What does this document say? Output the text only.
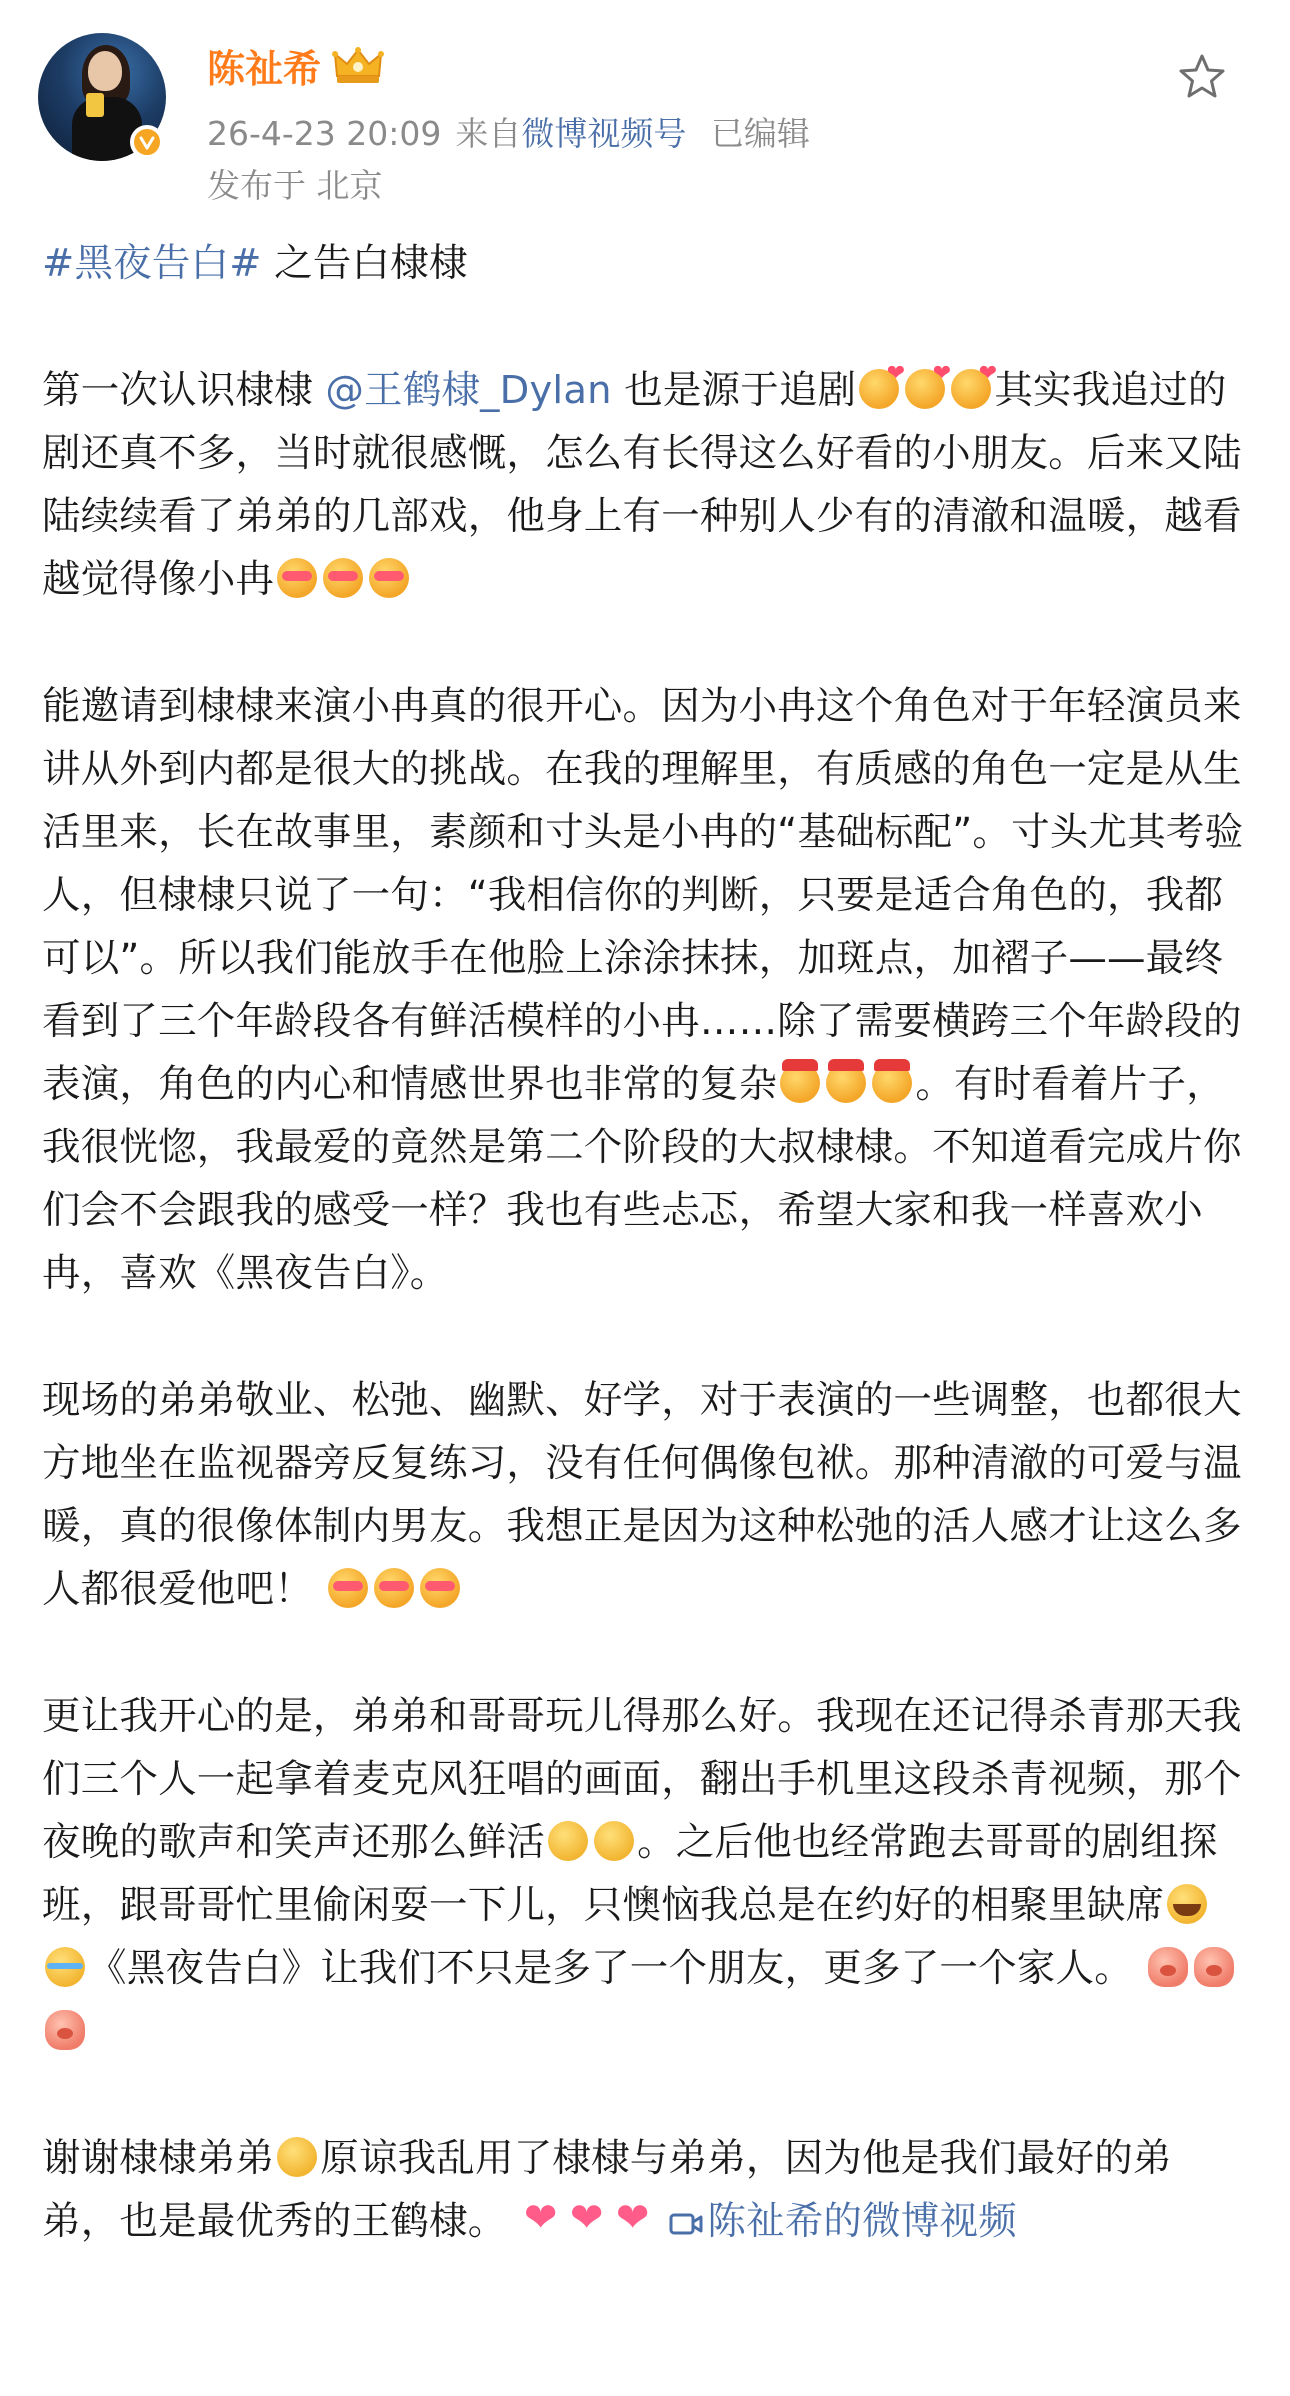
陈祉希
26-4-23 20:09 来自微博视频号 已编辑
发布于 北京

#黑夜告白# 之告白棣棣

第一次认识棣棣 @王鹤棣_Dylan 也是源于追剧 ❤ ❤ ❤	其实我追过的剧还真不多，当时就很感慨，怎么有长得这么好看的小朋友。后来又陆陆续续看了弟弟的几部戏，他身上有一种别人少有的清澈和温暖，越看越觉得像小冉

能邀请到棣棣来演小冉真的很开心。因为小冉这个角色对于年轻演员来讲从外到内都是很大的挑战。在我的理解里，有质感的角色一定是从生活里来，长在故事里，素颜和寸头是小冉的“基础标配”。寸头尤其考验人，但棣棣只说了一句：“我相信你的判断，只要是适合角色的，我都可以”。所以我们能放手在他脸上涂涂抹抹，加斑点，加褶子——最终看到了三个年龄段各有鲜活模样的小冉……除了需要横跨三个年龄段的表演，角色的内心和情感世界也非常的复杂	。有时看着片子，我很恍惚，我最爱的竟然是第二个阶段的大叔棣棣。不知道看完成片你们会不会跟我的感受一样？我也有些忐忑，希望大家和我一样喜欢小冉，喜欢《黑夜告白》。

现场的弟弟敬业、松弛、幽默、好学，对于表演的一些调整，也都很大方地坐在监视器旁反复练习，没有任何偶像包袱。那种清澈的可爱与温暖，真的很像体制内男友。我想正是因为这种松弛的活人感才让这么多人都很爱他吧！

更让我开心的是，弟弟和哥哥玩儿得那么好。我现在还记得杀青那天我们三个人一起拿着麦克风狂唱的画面，翻出手机里这段杀青视频，那个夜晚的歌声和笑声还那么鲜活 。之后他也经常跑去哥哥的剧组探班，跟哥哥忙里偷闲耍一下儿，只懊恼我总是在约好的相聚里缺席《黑夜告白》让我们不只是多了一个朋友，更多了一个家人。

谢谢棣棣弟弟 原谅我乱用了棣棣与弟弟，因为他是我们最好的弟弟，也是最优秀的王鹤棣。 ❤ ❤ ❤	陈祉希的微博视频
